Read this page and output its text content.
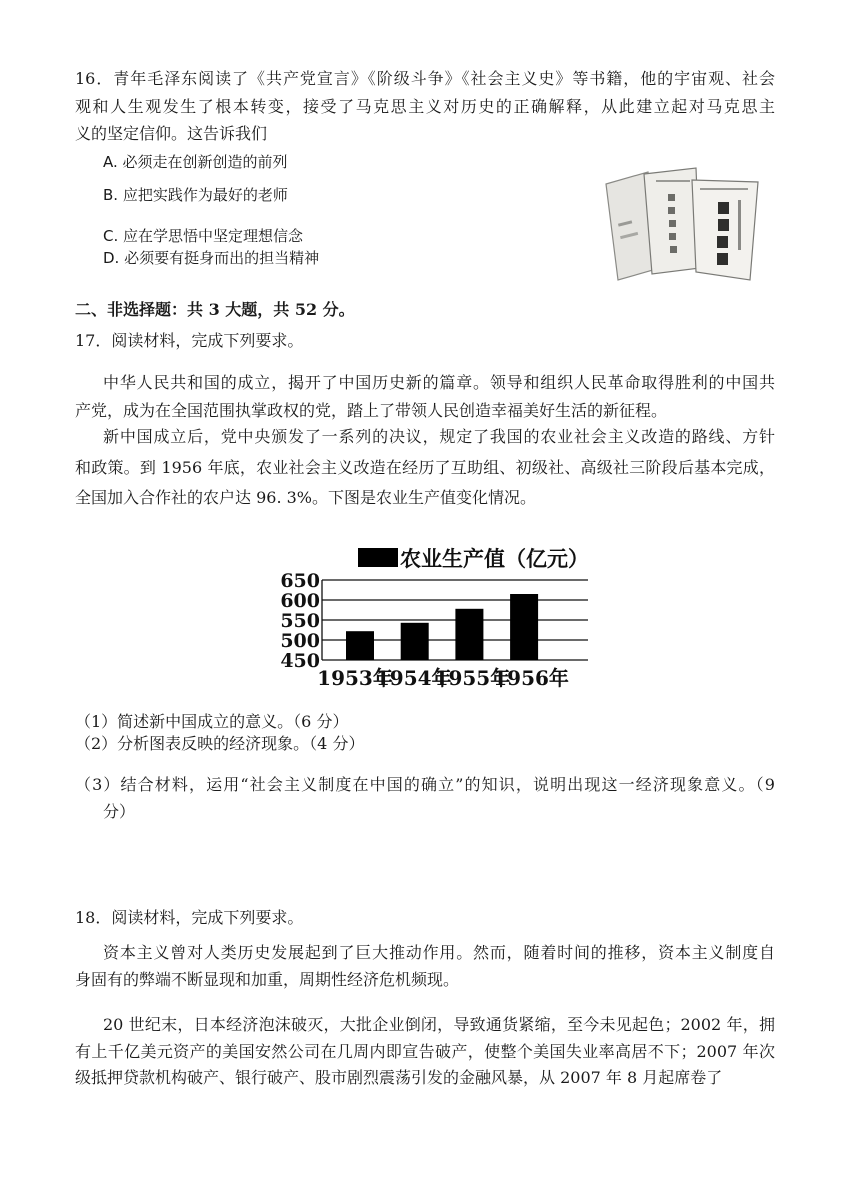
16．青年毛泽东阅读了《共产党宣言》《阶级斗争》《社会主义史》等书籍，他的宇宙观、社会
观和人生观发生了根本转变，接受了马克思主义对历史的正确解释，从此建立起对马克思主
义的坚定信仰。这告诉我们
A. 必须走在创新创造的前列
B. 应把实践作为最好的老师
C. 应在学思悟中坚定理想信念
D. 必须要有挺身而出的担当精神
二、非选择题：共 3 大题，共 52 分。
17．阅读材料，完成下列要求。
中华人民共和国的成立，揭开了中国历史新的篇章。领导和组织人民革命取得胜利的中国共
产党，成为在全国范围执掌政权的党，踏上了带领人民创造幸福美好生活的新征程。
新中国成立后，党中央颁发了一系列的决议，规定了我国的农业社会主义改造的路线、方针
和政策。到 1956 年底，农业社会主义改造在经历了互助组、初级社、高级社三阶段后基本完成，
全国加入合作社的农户达 96. 3%。下图是农业生产值变化情况。
农业生产值（亿元）
650
600
550
500
450
1953年
1954年
1955年
1956年
（1）简述新中国成立的意义。（6 分）
（2）分析图表反映的经济现象。（4 分）
（3）结合材料，运用“社会主义制度在中国的确立”的知识，说明出现这一经济现象意义。（9
分）
18．阅读材料，完成下列要求。
资本主义曾对人类历史发展起到了巨大推动作用。然而，随着时间的推移，资本主义制度自
身固有的弊端不断显现和加重，周期性经济危机频现。
20 世纪末，日本经济泡沫破灭，大批企业倒闭，导致通货紧缩，至今未见起色；2002 年，拥
有上千亿美元资产的美国安然公司在几周内即宣告破产，使整个美国失业率高居不下；2007 年次
级抵押贷款机构破产、银行破产、股市剧烈震荡引发的金融风暴，从 2007 年 8 月起席卷了
